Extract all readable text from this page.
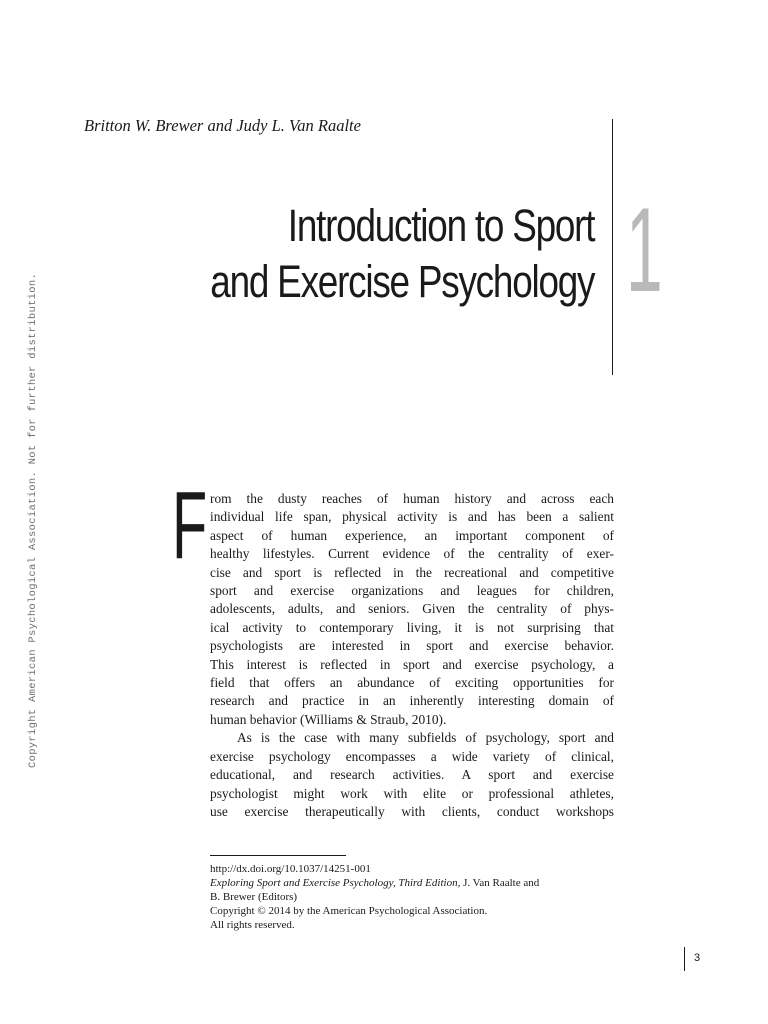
Copyright American Psychological Association. Not for further distribution.
Britton W. Brewer and Judy L. Van Raalte
Introduction to Sport
and Exercise Psychology 1
F rom the dusty reaches of human history and across each
individual life span, physical activity is and has been a salient
aspect of human experience, an important component of
healthy lifestyles. Current evidence of the centrality of exer-
cise and sport is reflected in the recreational and competitive
sport and exercise organizations and leagues for children,
adolescents, adults, and seniors. Given the centrality of phys-
ical activity to contemporary living, it is not surprising that
psychologists are interested in sport and exercise behavior.
This interest is reflected in sport and exercise psychology, a
field that offers an abundance of exciting opportunities for
research and practice in an inherently interesting domain of
human behavior (Williams & Straub, 2010).
As is the case with many subfields of psychology, sport and
exercise psychology encompasses a wide variety of clinical,
educational, and research activities. A sport and exercise
psychologist might work with elite or professional athletes,
use exercise therapeutically with clients, conduct workshops
http://dx.doi.org/10.1037/14251-001
Exploring Sport and Exercise Psychology, Third Edition, J. Van Raalte and
B. Brewer (Editors)
Copyright © 2014 by the American Psychological Association.
All rights reserved.
3
